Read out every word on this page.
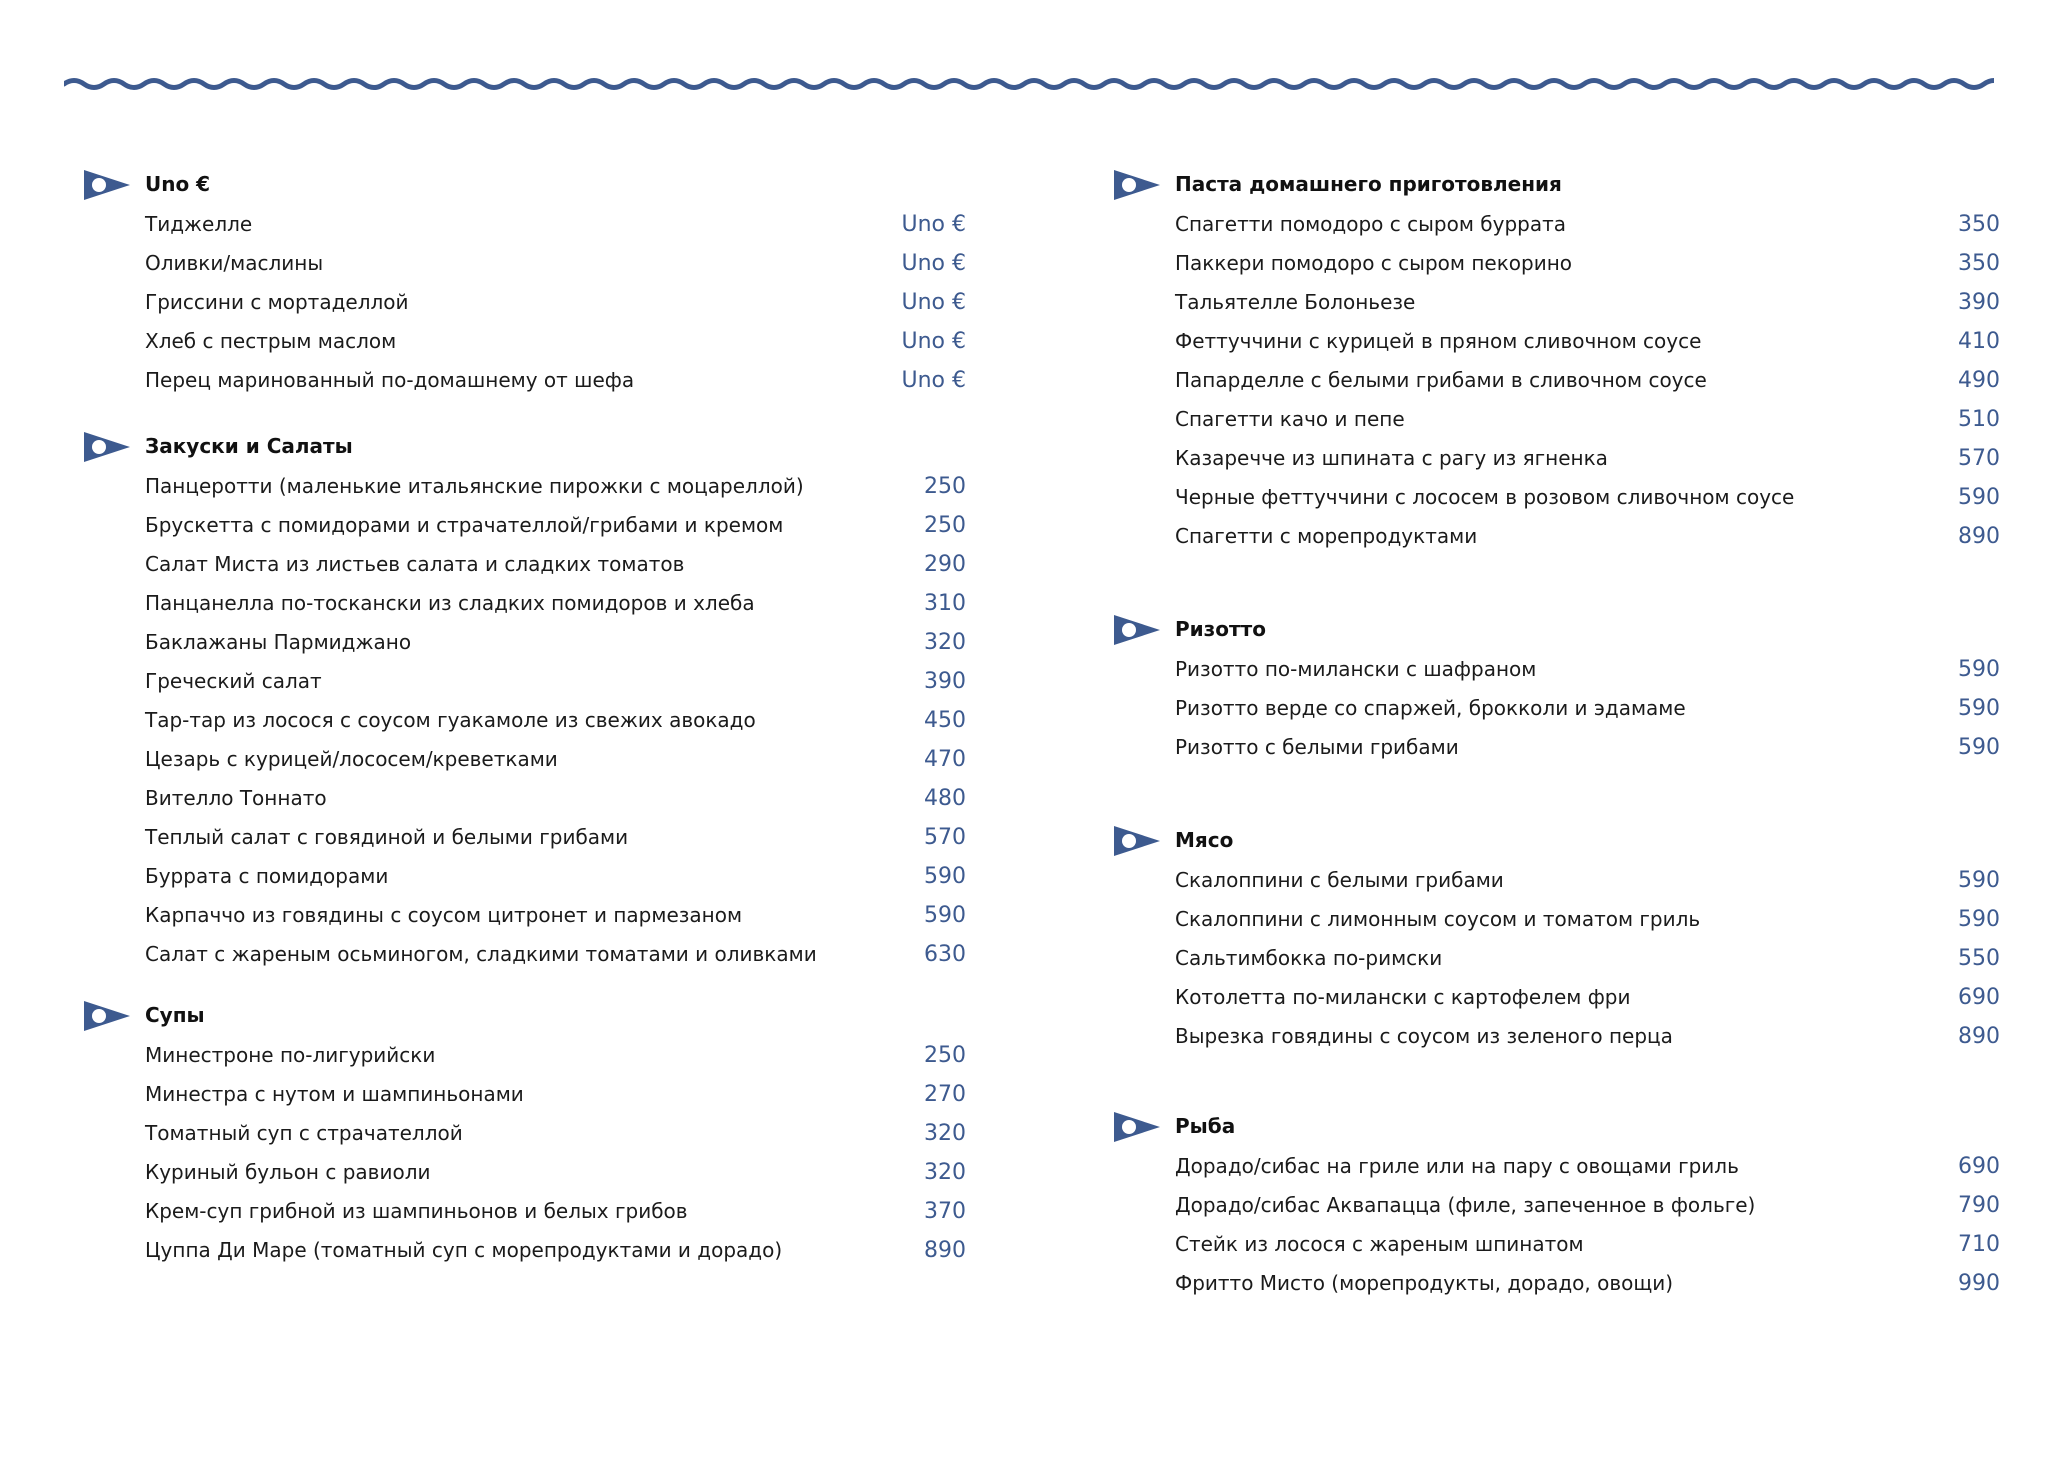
Uno €
Тиджелле	Uno €
Оливки/маслины	Uno €
Гриссини с мортаделлой	Uno €
Хлеб с пестрым маслом	Uno €
Перец маринованный по-домашнему от шефа	Uno €
Закуски и Салаты
Панцеротти (маленькие итальянские пирожки с моцареллой)	250
Брускетта с помидорами и страчателлой/грибами и кремом	250
Салат Миста из листьев салата и сладких томатов	290
Панцанелла по-тоскански из сладких помидоров и хлеба	310
Баклажаны Пармиджано	320
Греческий салат	390
Тар-тар из лосося с соусом гуакамоле из свежих авокадо	450
Цезарь с курицей/лососем/креветками	470
Вителло Тоннато	480
Теплый салат с говядиной и белыми грибами	570
Буррата с помидорами	590
Карпаччо из говядины с соусом цитронет и пармезаном	590
Салат с жареным осьминогом, сладкими томатами и оливками	630
Супы
Минестроне по-лигурийски	250
Минестра с нутом и шампиньонами	270
Томатный суп с страчателлой	320
Куриный бульон с равиоли	320
Крем-суп грибной из шампиньонов и белых грибов	370
Цуппа Ди Маре (томатный суп с морепродуктами и дорадо)	890
Паста домашнего приготовления
Спагетти помодоро с сыром буррата	350
Паккери помодоро с сыром пекорино	350
Тальятелле Болоньезе	390
Феттуччини с курицей в пряном сливочном соусе	410
Папарделле с белыми грибами в сливочном соусе	490
Спагетти качо и пепе	510
Казаречче из шпината с рагу из ягненка	570
Черные феттуччини с лососем в розовом сливочном соусе	590
Спагетти с морепродуктами	890
Ризотто
Ризотто по-милански с шафраном	590
Ризотто верде со спаржей, брокколи и эдамаме	590
Ризотто с белыми грибами	590
Мясо
Скалоппини с белыми грибами	590
Скалоппини с лимонным соусом и томатом гриль	590
Сальтимбокка по-римски	550
Котолетта по-милански с картофелем фри	690
Вырезка говядины с соусом из зеленого перца	890
Рыба
Дорадо/сибас на гриле или на пару с овощами гриль	690
Дорадо/сибас Аквапацца (филе, запеченное в фольге)	790
Стейк из лосося с жареным шпинатом	710
Фритто Мисто (морепродукты, дорадо, овощи)	990
